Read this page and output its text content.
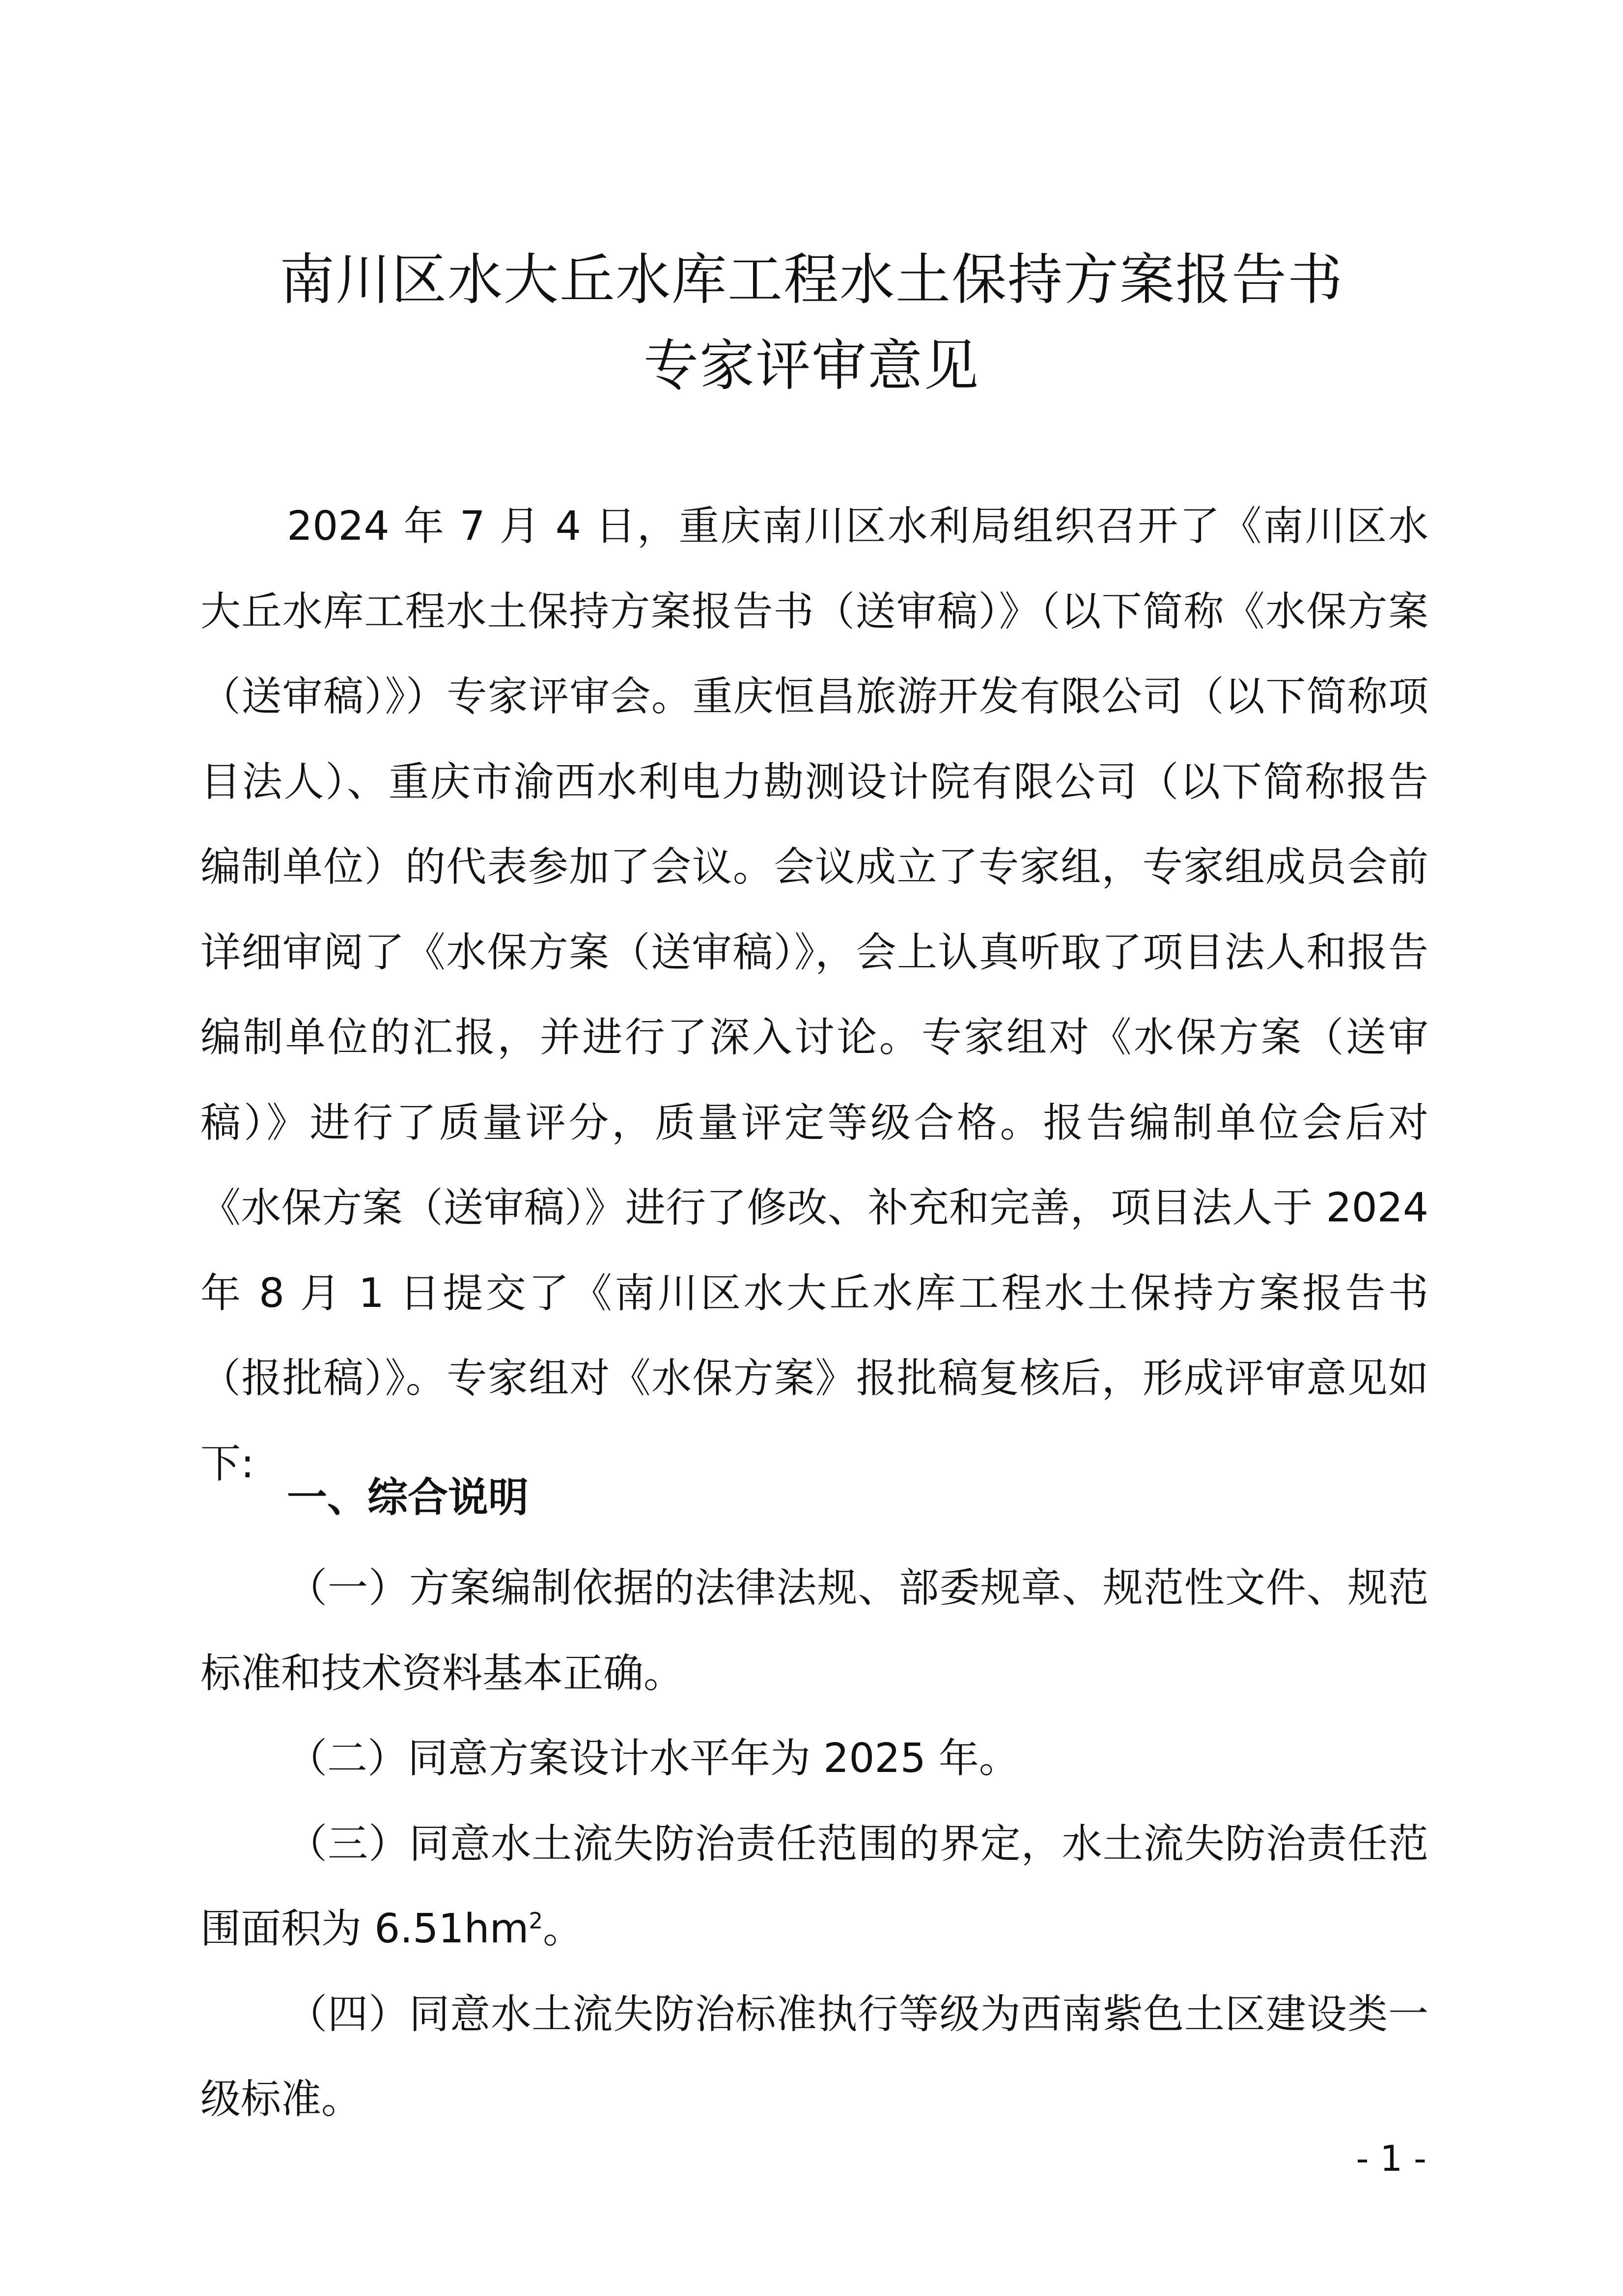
南川区水大丘水库工程水土保持方案报告书
专家评审意见

2024 年 7 月 4 日，重庆南川区水利局组织召开了《南川区水大丘水库工程水土保持方案报告书（送审稿）》（以下简称《水保方案（送审稿）》）专家评审会。重庆恒昌旅游开发有限公司（以下简称项目法人）、重庆市渝西水利电力勘测设计院有限公司（以下简称报告编制单位）的代表参加了会议。会议成立了专家组，专家组成员会前详细审阅了《水保方案（送审稿）》，会上认真听取了项目法人和报告编制单位的汇报，并进行了深入讨论。专家组对《水保方案（送审稿）》进行了质量评分，质量评定等级合格。报告编制单位会后对《水保方案（送审稿）》进行了修改、补充和完善，项目法人于 2024 年 8 月 1 日提交了《南川区水大丘水库工程水土保持方案报告书（报批稿）》。专家组对《水保方案》报批稿复核后，形成评审意见如下:

一、综合说明

（一）方案编制依据的法律法规、部委规章、规范性文件、规范标准和技术资料基本正确。

（二）同意方案设计水平年为 2025 年。

（三）同意水土流失防治责任范围的界定，水土流失防治责任范围面积为 $6.51hm^2$。

（四）同意水土流失防治标准执行等级为西南紫色土区建设类一级标准。

- 1 -
